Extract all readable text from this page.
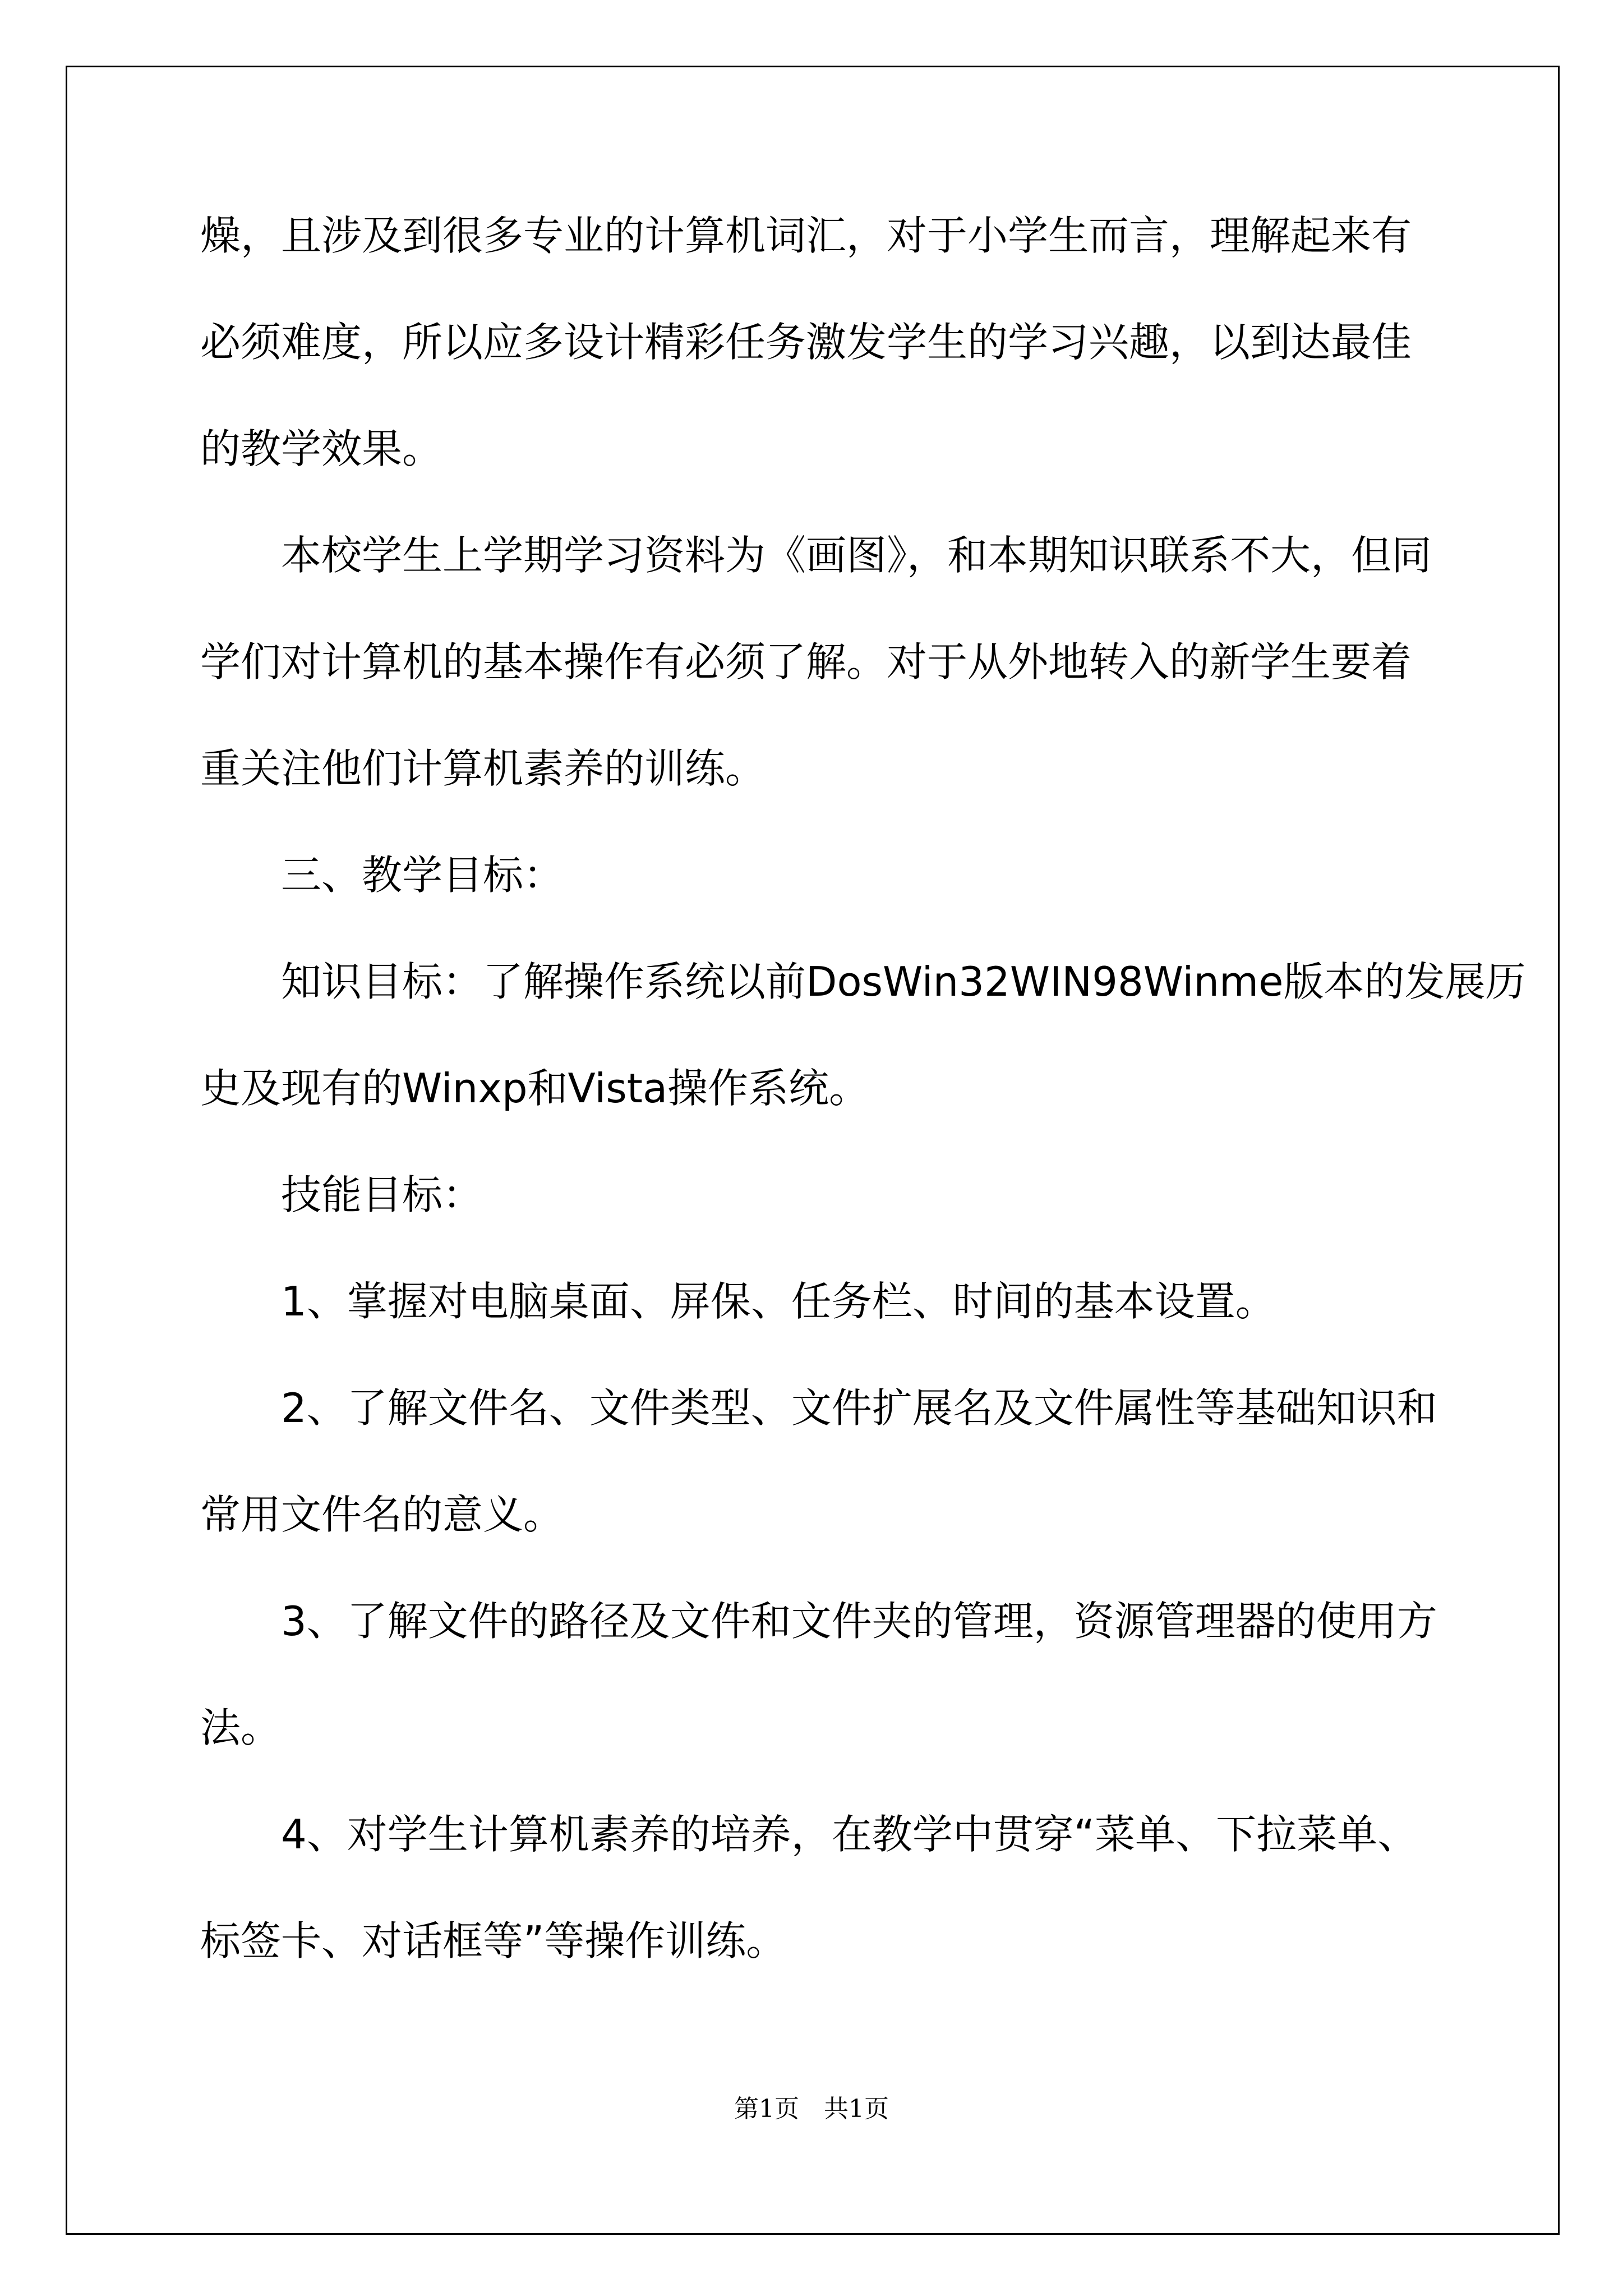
燥，且涉及到很多专业的计算机词汇，对于小学生而言，理解起来有
必须难度，所以应多设计精彩任务激发学生的学习兴趣，以到达最佳
的教学效果。
本校学生上学期学习资料为《画图》，和本期知识联系不大，但同
学们对计算机的基本操作有必须了解。对于从外地转入的新学生要着
重关注他们计算机素养的训练。
三、教学目标：
知识目标：了解操作系统以前DosWin32WIN98Winme版本的发展历
史及现有的Winxp和Vista操作系统。
技能目标：
1、掌握对电脑桌面、屏保、任务栏、时间的基本设置。
2、了解文件名、文件类型、文件扩展名及文件属性等基础知识和
常用文件名的意义。
3、了解文件的路径及文件和文件夹的管理，资源管理器的使用方
法。
4、对学生计算机素养的培养，在教学中贯穿“菜单、下拉菜单、
标签卡、对话框等”等操作训练。
第1页　共1页
